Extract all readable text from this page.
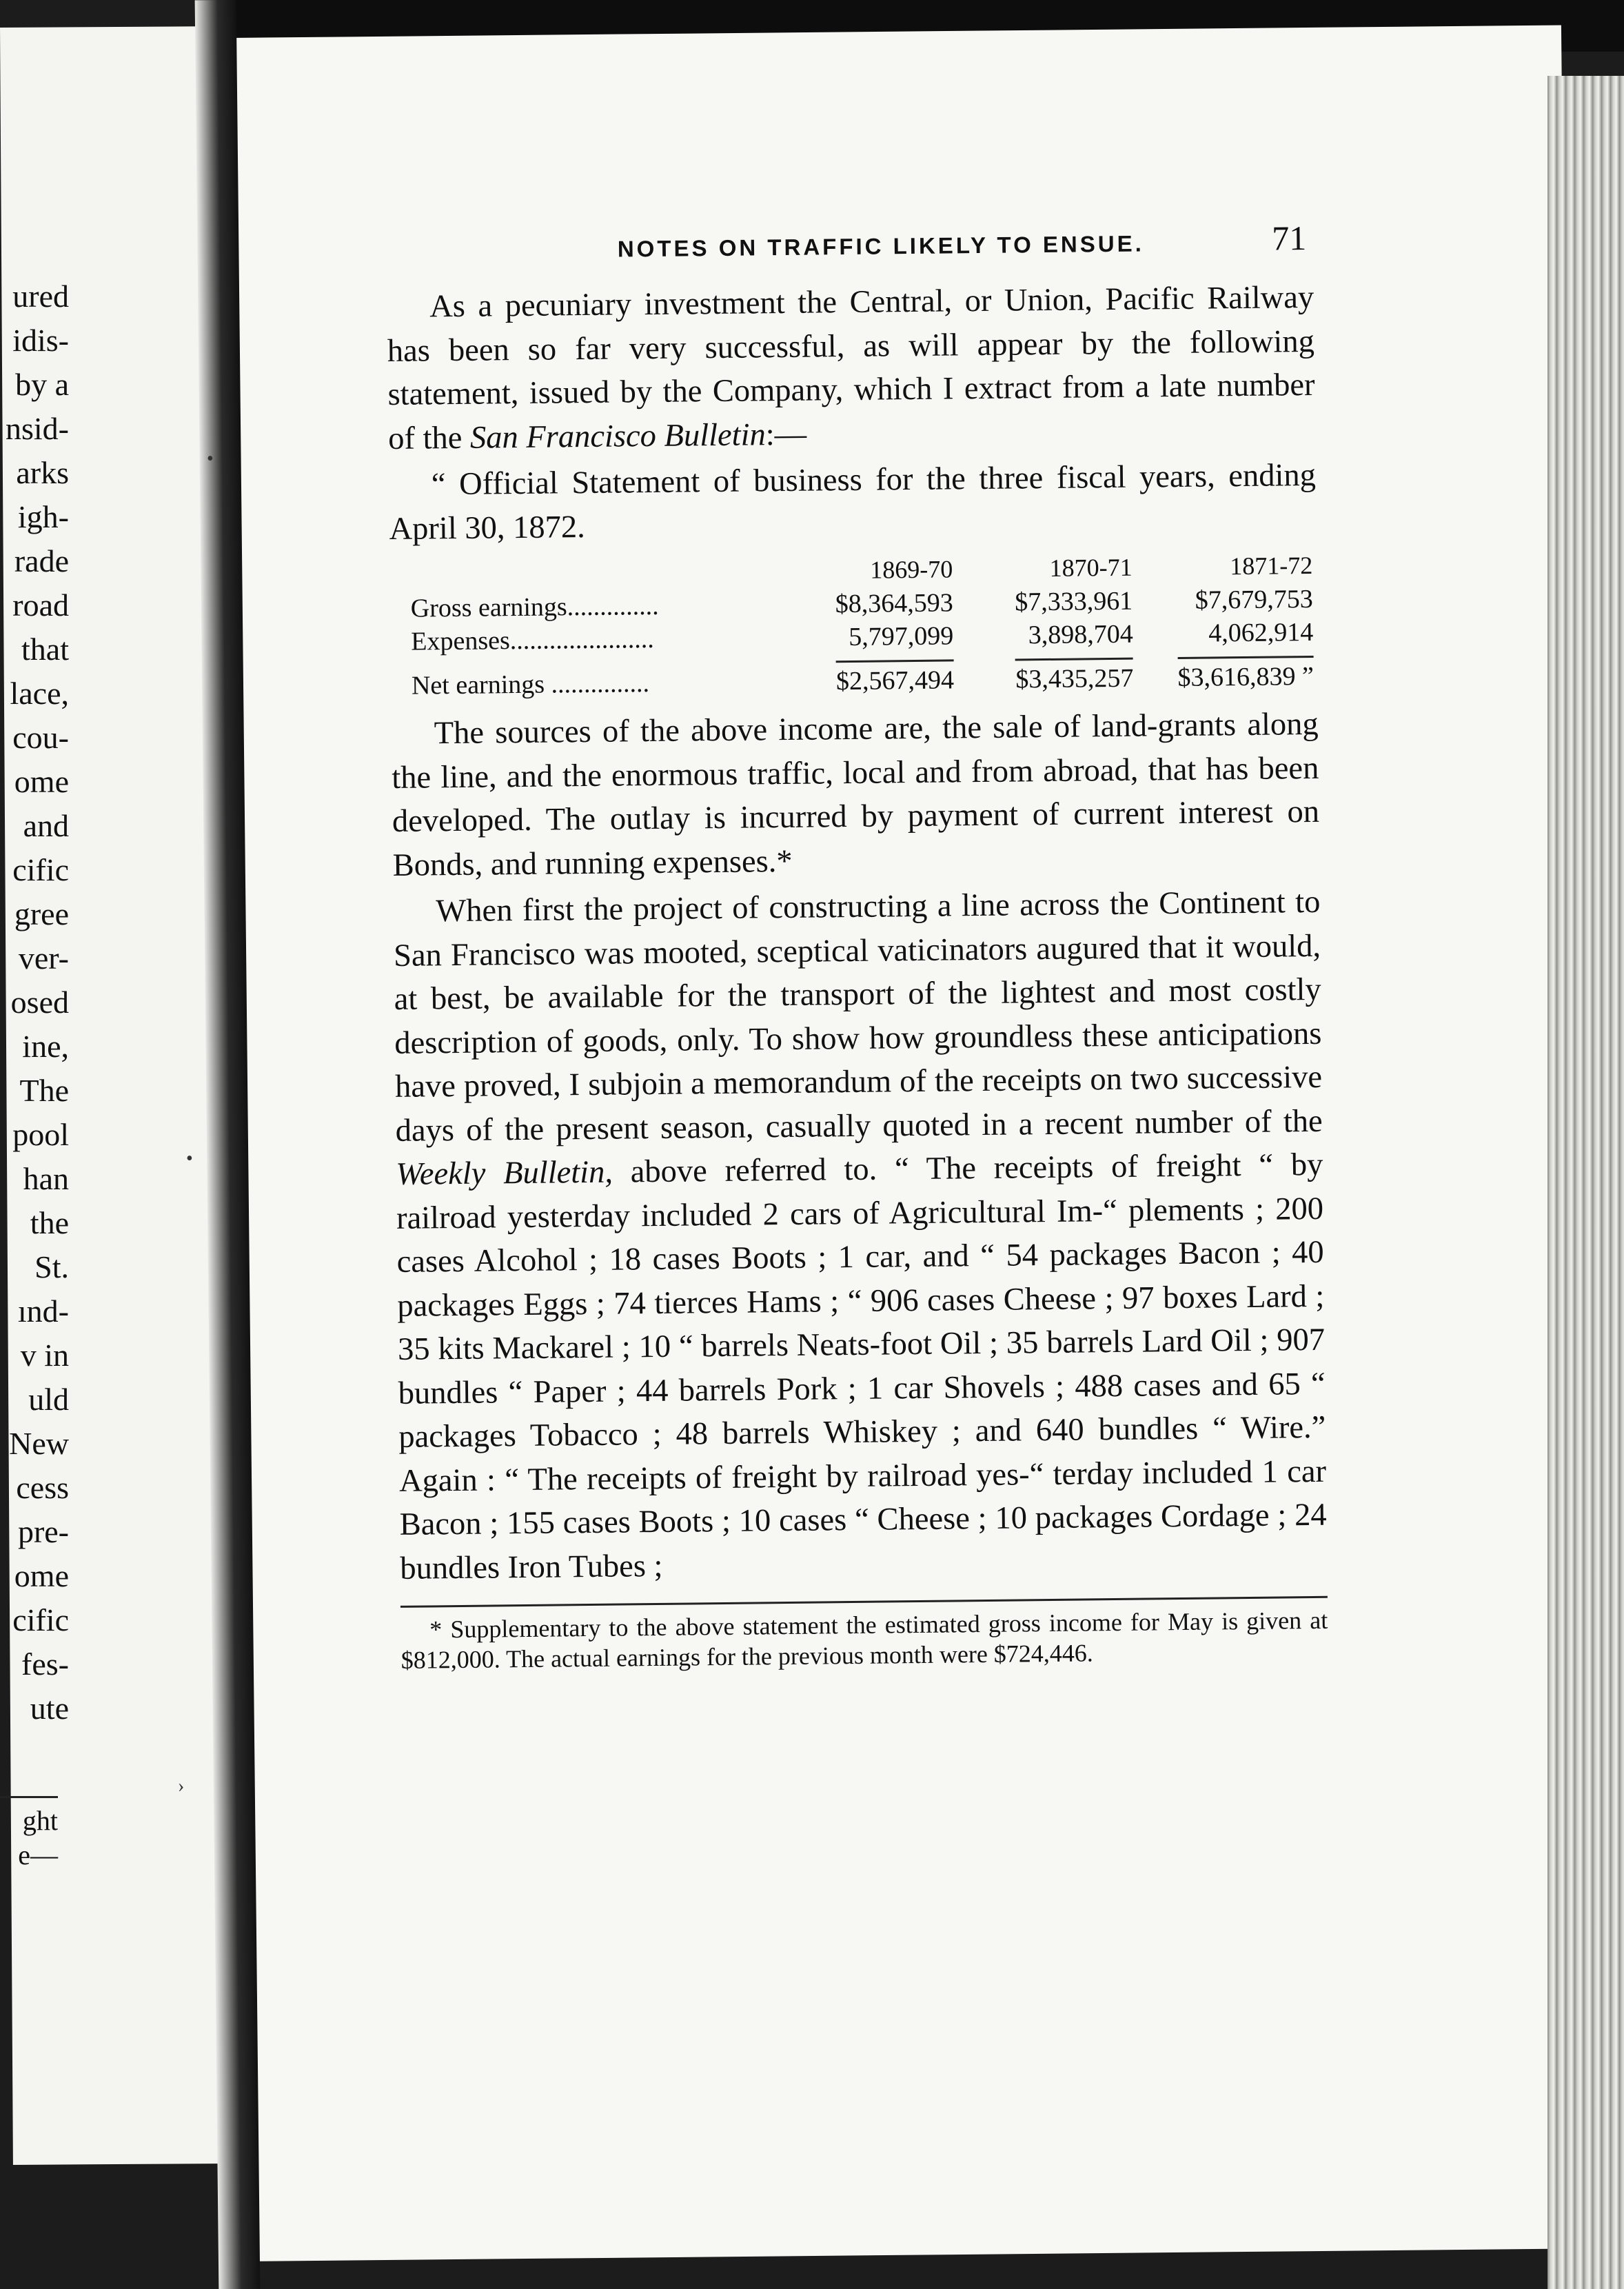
ured
idis-
by a
nsid-
arks
igh-
rade
road
that
lace,
cou-
ome
and
cific
gree
ver-
osed
ine,
The
pool
han
the
St.
ınd-
v in
uld
New
cess
pre-
ome
cific
fes-
ute
ght
e—
NOTES ON TRAFFIC LIKELY TO ENSUE.	71

As a pecuniary investment the Central, or Union, Pacific Railway has been so far very successful, as will appear by the following statement, issued by the Company, which I extract from a late number of the San Francisco Bulletin:—

“ Official Statement of business for the three fiscal years, ending April 30, 1872.

	1869-70	1870-71	1871-72
Gross earnings..............	$8,364,593	$7,333,961	$7,679,753
Expenses......................	5,797,099	3,898,704	4,062,914
Net earnings ...............	$2,567,494	$3,435,257	$3,616,839 ”

The sources of the above income are, the sale of land-grants along the line, and the enormous traffic, local and from abroad, that has been developed. The outlay is incurred by payment of current interest on Bonds, and running expenses.*

When first the project of constructing a line across the Continent to San Francisco was mooted, sceptical vaticinators augured that it would, at best, be available for the transport of the lightest and most costly description of goods, only. To show how groundless these anticipations have proved, I subjoin a memorandum of the receipts on two successive days of the present season, casually quoted in a recent number of the Weekly Bulletin, above referred to. “ The receipts of freight “ by railroad yesterday included 2 cars of Agricultural Im-“ plements ; 200 cases Alcohol ; 18 cases Boots ; 1 car, and “ 54 packages Bacon ; 40 packages Eggs ; 74 tierces Hams ; “ 906 cases Cheese ; 97 boxes Lard ; 35 kits Mackarel ; 10 “ barrels Neats-foot Oil ; 35 barrels Lard Oil ; 907 bundles “ Paper ; 44 barrels Pork ; 1 car Shovels ; 488 cases and 65 “ packages Tobacco ; 48 barrels Whiskey ; and 640 bundles “ Wire.” Again : “ The receipts of freight by railroad yes-“ terday included 1 car Bacon ; 155 cases Boots ; 10 cases “ Cheese ; 10 packages Cordage ; 24 bundles Iron Tubes ;

* Supplementary to the above statement the estimated gross income for May is given at $812,000. The actual earnings for the previous month were $724,446.

•
•
›
